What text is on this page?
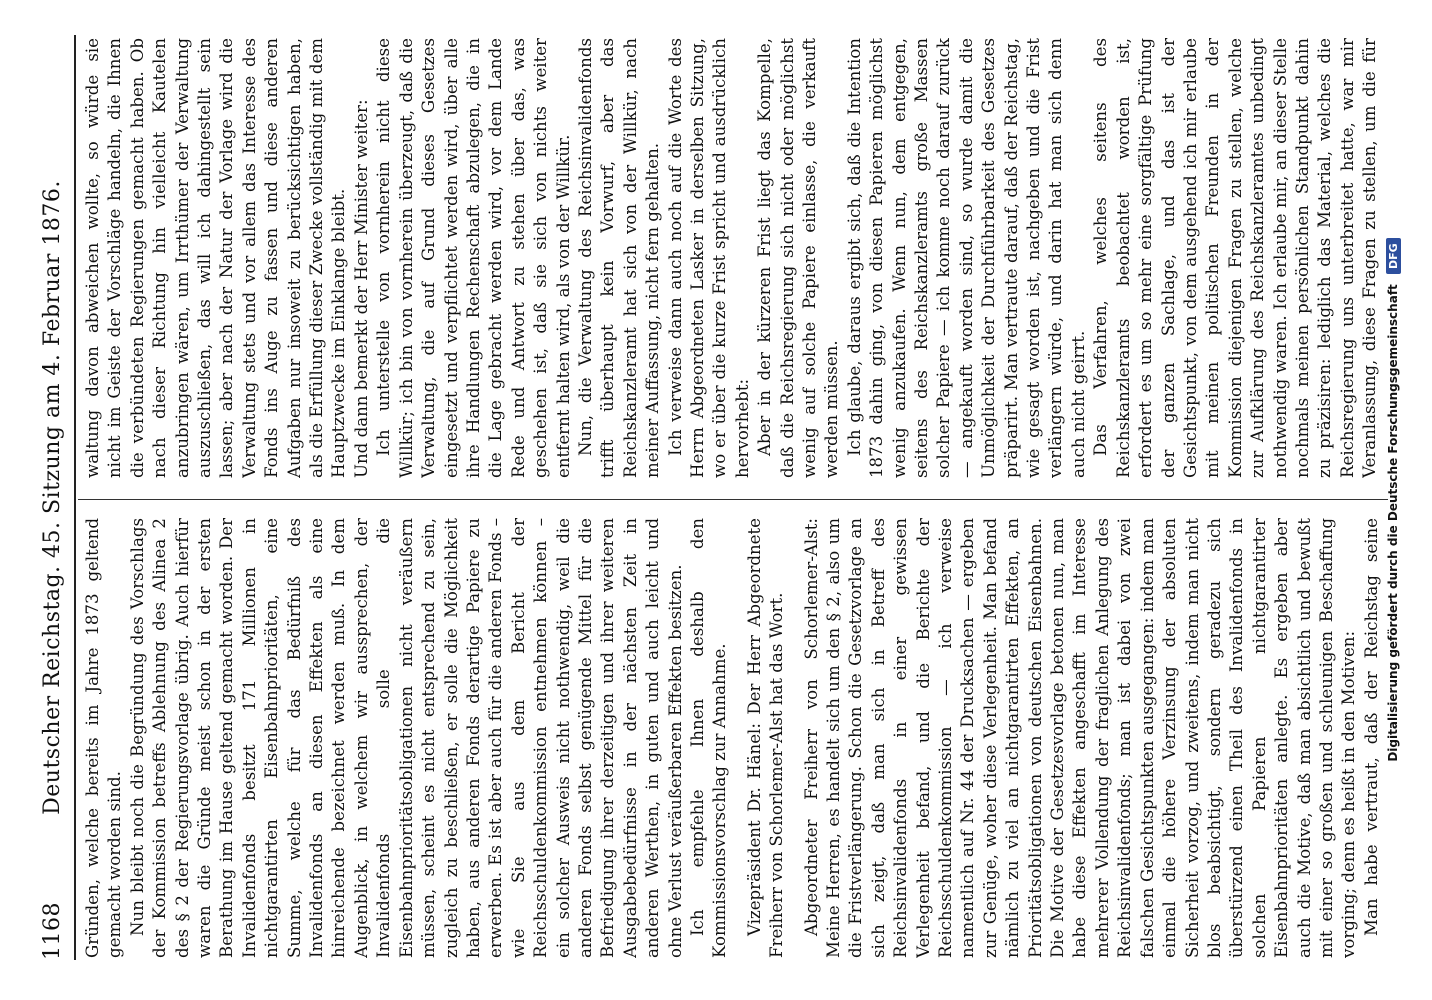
1168
Deutscher Reichstag. 45. Sitzung am 4. Februar 1876. Gründen, welche bereits im Jahre 1873 geltend gemacht worden sind. Nun bleibt noch die Begründung des Vorschlags der Kommission betreffs Ablehnung des Alinea 2 des § 2 der Regierungsvorlage übrig. Auch hierfür waren die Gründe meist schon in der ersten Berathung im Hause geltend gemacht worden. Der Invalidenfonds besitzt 171 Millionen in nichtgarantirten Eisenbahnprioritäten, eine Summe, welche für das Bedürfniß des Invalidenfonds an diesen Effekten als eine hinreichende bezeichnet werden muß. In dem Augenblick, in welchem wir aussprechen, der Invalidenfonds solle die Eisenbahnprioritätsobligationen nicht veräußern müssen, scheint es nicht entsprechend zu sein, zugleich zu beschließen, er solle die Möglichkeit haben, aus anderen Fonds derartige Papiere zu erwerben. Es ist aber auch für die anderen Fonds – wie Sie aus dem Bericht der Reichsschuldenkommission entnehmen können – ein solcher Ausweis nicht nothwendig, weil die anderen Fonds selbst genügende Mittel für die Befriedigung ihrer derzeitigen und ihrer weiteren Ausgabebedürfnisse in der nächsten Zeit in anderen Werthen, in guten und auch leicht und ohne Verlust veräußerbaren Effekten besitzen. Ich empfehle Ihnen deshalb den Kommissionsvorschlag zur Annahme. Vizepräsident Dr. Hänel: Der Herr Abgeordnete Freiherr von Schorlemer-Alst hat das Wort. Abgeordneter Freiherr von Schorlemer-Alst: Meine Herren, es handelt sich um den § 2, also um die Fristverlängerung. Schon die Gesetzvorlage an sich zeigt, daß man sich in Betreff des Reichsinvalidenfonds in einer gewissen Verlegenheit befand, und die Berichte der Reichsschuldenkommission — ich verweise namentlich auf Nr. 44 der Drucksachen — ergeben zur Genüge, woher diese Verlegenheit. Man befand nämlich zu viel an nichtgarantirten Effekten, an Prioritätsobligationen von deutschen Eisenbahnen. Die Motive der Gesetzesvorlage betonen nun, man habe diese Effekten angeschafft im Interesse mehrerer Vollendung der fraglichen Anlegung des Reichsinvalidenfonds; man ist dabei von zwei falschen Gesichtspunkten ausgegangen: indem man einmal die höhere Verzinsung der absoluten Sicherheit vorzog, und zweitens, indem man nicht blos beabsichtigt, sondern geradezu sich überstürzend einen Theil des Invalidenfonds in solchen Papieren nichtgarantirter Eisenbahnprioritäten anlegte. Es ergeben aber auch die Motive, daß man absichtlich und bewußt mit einer so großen und schleunigen Beschaffung vorging; denn es heißt in den Motiven: Man habe vertraut, daß der Reichstag seine

waltung davon abweichen wollte, so würde sie nicht im Geiste der Vorschläge handeln, die Ihnen die verbündeten Regierungen gemacht haben. Ob nach dieser Richtung hin vielleicht Kautelen anzubringen wären, um Irrthümer der Verwaltung auszuschließen, das will ich dahingestellt sein lassen; aber nach der Natur der Vorlage wird die Verwaltung stets und vor allem das Interesse des Fonds ins Auge zu fassen und diese anderen Aufgaben nur insoweit zu berücksichtigen haben, als die Erfüllung dieser Zwecke vollständig mit dem Hauptzwecke im Einklange bleibt. Und dann bemerkt der Herr Minister weiter: Ich unterstelle von vornherein nicht diese Willkür; ich bin von vornherein überzeugt, daß die Verwaltung, die auf Grund dieses Gesetzes eingesetzt und verpflichtet werden wird, über alle ihre Handlungen Rechenschaft abzulegen, die in die Lage gebracht werden wird, vor dem Lande Rede und Antwort zu stehen über das, was geschehen ist, daß sie sich von nichts weiter entfernt halten wird, als von der Willkür. Nun, die Verwaltung des Reichsinvalidenfonds trifft überhaupt kein Vorwurf, aber das Reichskanzleramt hat sich von der Willkür, nach meiner Auffassung, nicht fern gehalten. Ich verweise dann auch noch auf die Worte des Herrn Abgeordneten Lasker in derselben Sitzung, wo er über die kurze Frist spricht und ausdrücklich hervorhebt: Aber in der kürzeren Frist liegt das Kompelle, daß die Reichsregierung sich nicht oder möglichst wenig auf solche Papiere einlasse, die verkauft werden müssen. Ich glaube, daraus ergibt sich, daß die Intention 1873 dahin ging, von diesen Papieren möglichst wenig anzukaufen. Wenn nun, dem entgegen, seitens des Reichskanzleramts große Massen solcher Papiere — ich komme noch darauf zurück — angekauft worden sind, so wurde damit die Unmöglichkeit der Durchführbarkeit des Gesetzes präparirt. Man vertraute darauf, daß der Reichstag, wie gesagt worden ist, nachgeben und die Frist verlängern würde, und darin hat man sich denn auch nicht geirrt. Das Verfahren, welches seitens des Reichskanzleramts beobachtet worden ist, erfordert es um so mehr eine sorgfältige Prüfung der ganzen Sachlage, und das ist der Gesichtspunkt, von dem ausgehend ich mir erlaube mit meinen politischen Freunden in der Kommission diejenigen Fragen zu stellen, welche zur Aufklärung des Reichskanzleramtes unbedingt nothwendig waren. Ich erlaube mir, an dieser Stelle nochmals meinen persönlichen Standpunkt dahin zu präzisiren: lediglich das Material, welches die Reichsregierung uns unterbreitet hatte, war mir Veranlassung, diese Fragen zu stellen, um die für

Digitalisierung gefördert durch die Deutsche Forschungsgemeinschaft DFG
